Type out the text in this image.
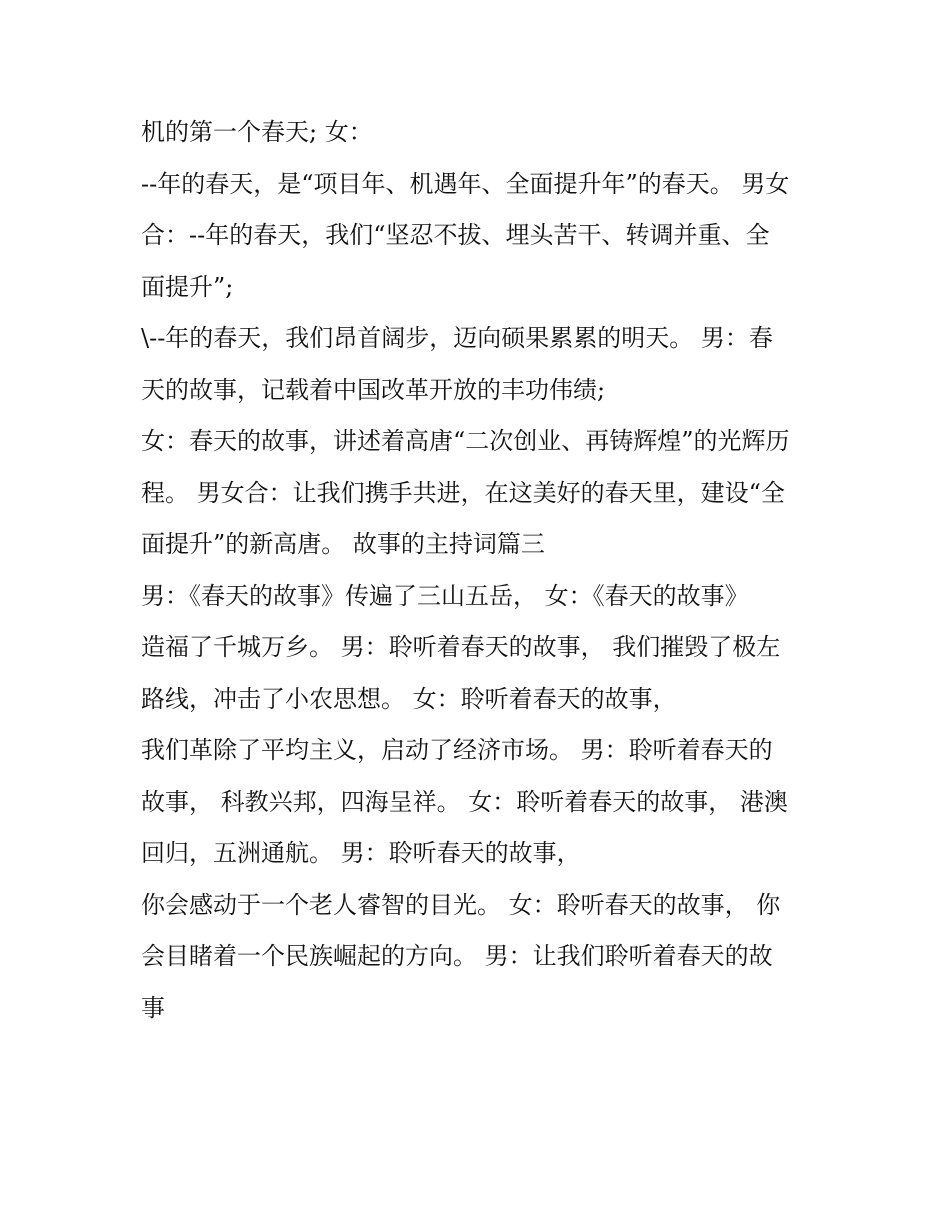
机的第一个春天; 女：
--年的春天，是“项目年、机遇年、全面提升年”的春天。 男女
合：--年的春天，我们“坚忍不拔、埋头苦干、转调并重、全
面提升”;
\--年的春天，我们昂首阔步，迈向硕果累累的明天。 男：春
天的故事，记载着中国改革开放的丰功伟绩;
女：春天的故事，讲述着高唐“二次创业、再铸辉煌”的光辉历
程。 男女合：让我们携手共进，在这美好的春天里，建设“全
面提升”的新高唐。 故事的主持词篇三
男：《春天的故事》传遍了三山五岳， 女：《春天的故事》
造福了千城万乡。 男：聆听着春天的故事， 我们摧毁了极左
路线，冲击了小农思想。 女：聆听着春天的故事，
我们革除了平均主义，启动了经济市场。 男：聆听着春天的
故事， 科教兴邦，四海呈祥。 女：聆听着春天的故事， 港澳
回归，五洲通航。 男：聆听春天的故事，
你会感动于一个老人睿智的目光。 女：聆听春天的故事， 你
会目睹着一个民族崛起的方向。 男：让我们聆听着春天的故
事
